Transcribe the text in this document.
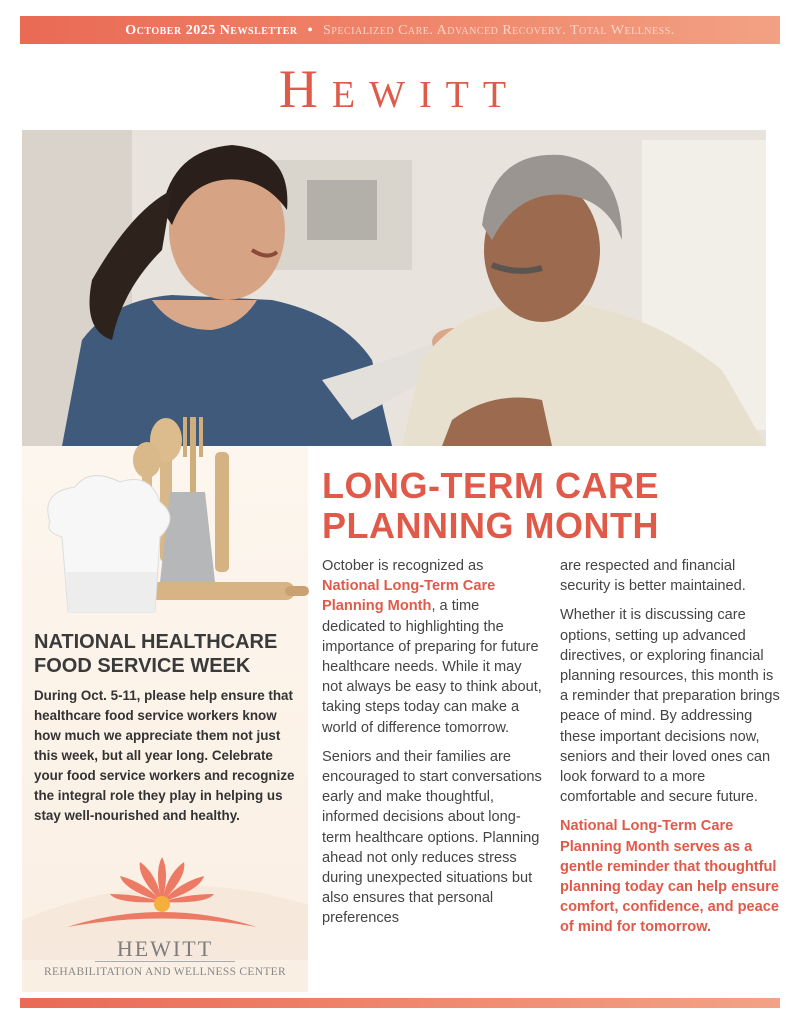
October 2025 Newsletter • Specialized Care. Advanced Recovery. Total Wellness.
Hewitt
NATIONAL HEALTHCARE FOOD SERVICE WEEK
During Oct. 5-11, please help ensure that healthcare food service workers know how much we appreciate them not just this week, but all year long. Celebrate your food service workers and recognize the integral role they play in helping us stay well-nourished and healthy.
HEWITT
REHABILITATION AND WELLNESS CENTER
LONG-TERM CARE PLANNING MONTH

October is recognized as National Long-Term Care Planning Month, a time dedicated to highlighting the importance of preparing for future healthcare needs. While it may not always be easy to think about, taking steps today can make a world of difference tomorrow.

Seniors and their families are encouraged to start conversations early and make thoughtful, informed decisions about long-term healthcare options. Planning ahead not only reduces stress during unexpected situations but also ensures that personal preferences

are respected and financial security is better maintained.

Whether it is discussing care options, setting up advanced directives, or exploring financial planning resources, this month is a reminder that preparation brings peace of mind. By addressing these important decisions now, seniors and their loved ones can look forward to a more comfortable and secure future.

National Long-Term Care Planning Month serves as a gentle reminder that thoughtful planning today can help ensure comfort, confidence, and peace of mind for tomorrow.
